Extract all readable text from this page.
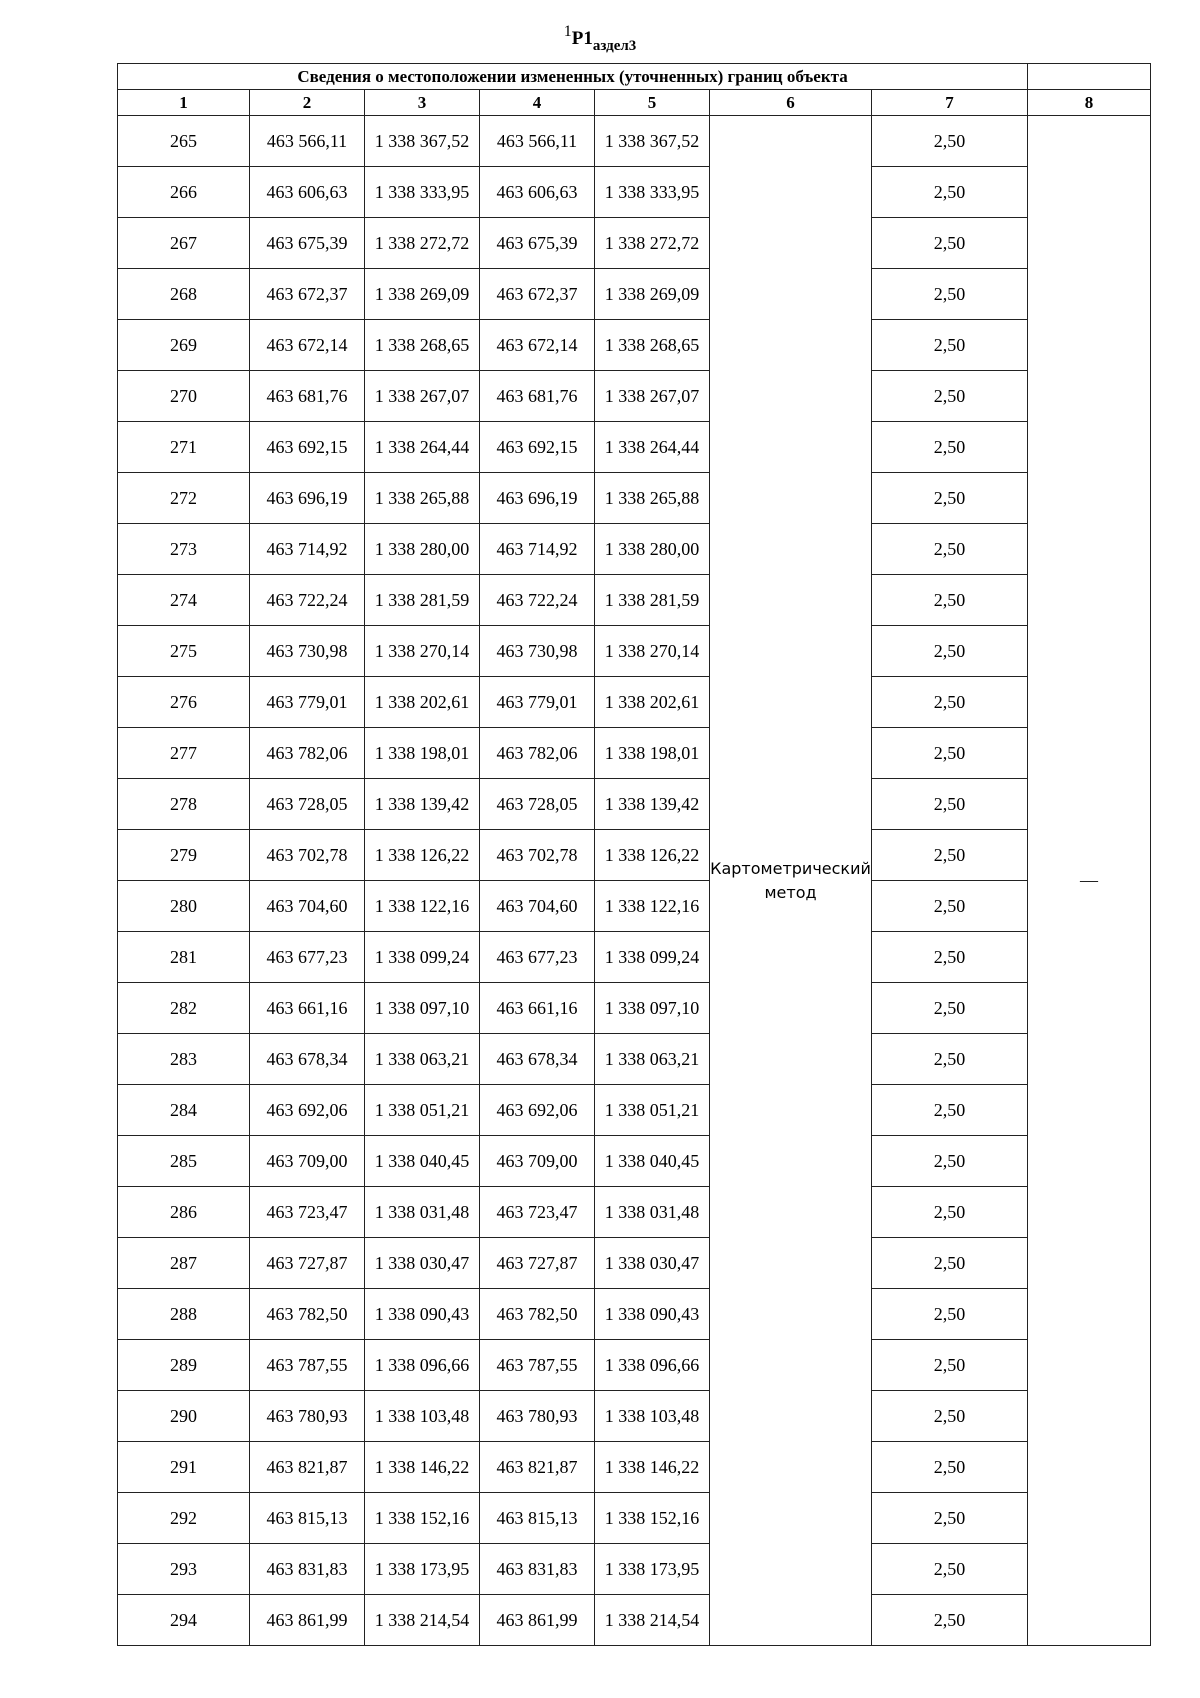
$^1Р1_{аздел3}$
Сведения о местоположении измененных (уточненных) границ объекта							
1	2	3	4	5	6	7	8
265	463 566,11	1 338 367,52	463 566,11	1 338 367,52	Картометрический метод	2,50	—
266	463 606,63	1 338 333,95	463 606,63	1 338 333,95		2,50	
267	463 675,39	1 338 272,72	463 675,39	1 338 272,72		2,50	
268	463 672,37	1 338 269,09	463 672,37	1 338 269,09		2,50	
269	463 672,14	1 338 268,65	463 672,14	1 338 268,65		2,50	
270	463 681,76	1 338 267,07	463 681,76	1 338 267,07		2,50	
271	463 692,15	1 338 264,44	463 692,15	1 338 264,44		2,50	
272	463 696,19	1 338 265,88	463 696,19	1 338 265,88		2,50	
273	463 714,92	1 338 280,00	463 714,92	1 338 280,00		2,50	
274	463 722,24	1 338 281,59	463 722,24	1 338 281,59		2,50	
275	463 730,98	1 338 270,14	463 730,98	1 338 270,14		2,50	
276	463 779,01	1 338 202,61	463 779,01	1 338 202,61		2,50	
277	463 782,06	1 338 198,01	463 782,06	1 338 198,01		2,50	
278	463 728,05	1 338 139,42	463 728,05	1 338 139,42		2,50	
279	463 702,78	1 338 126,22	463 702,78	1 338 126,22		2,50	
280	463 704,60	1 338 122,16	463 704,60	1 338 122,16		2,50	
281	463 677,23	1 338 099,24	463 677,23	1 338 099,24		2,50	
282	463 661,16	1 338 097,10	463 661,16	1 338 097,10		2,50	
283	463 678,34	1 338 063,21	463 678,34	1 338 063,21		2,50	
284	463 692,06	1 338 051,21	463 692,06	1 338 051,21		2,50	
285	463 709,00	1 338 040,45	463 709,00	1 338 040,45		2,50	
286	463 723,47	1 338 031,48	463 723,47	1 338 031,48		2,50	
287	463 727,87	1 338 030,47	463 727,87	1 338 030,47		2,50	
288	463 782,50	1 338 090,43	463 782,50	1 338 090,43		2,50	
289	463 787,55	1 338 096,66	463 787,55	1 338 096,66		2,50	
290	463 780,93	1 338 103,48	463 780,93	1 338 103,48		2,50	
291	463 821,87	1 338 146,22	463 821,87	1 338 146,22		2,50	
292	463 815,13	1 338 152,16	463 815,13	1 338 152,16		2,50	
293	463 831,83	1 338 173,95	463 831,83	1 338 173,95		2,50	
294	463 861,99	1 338 214,54	463 861,99	1 338 214,54		2,50	
